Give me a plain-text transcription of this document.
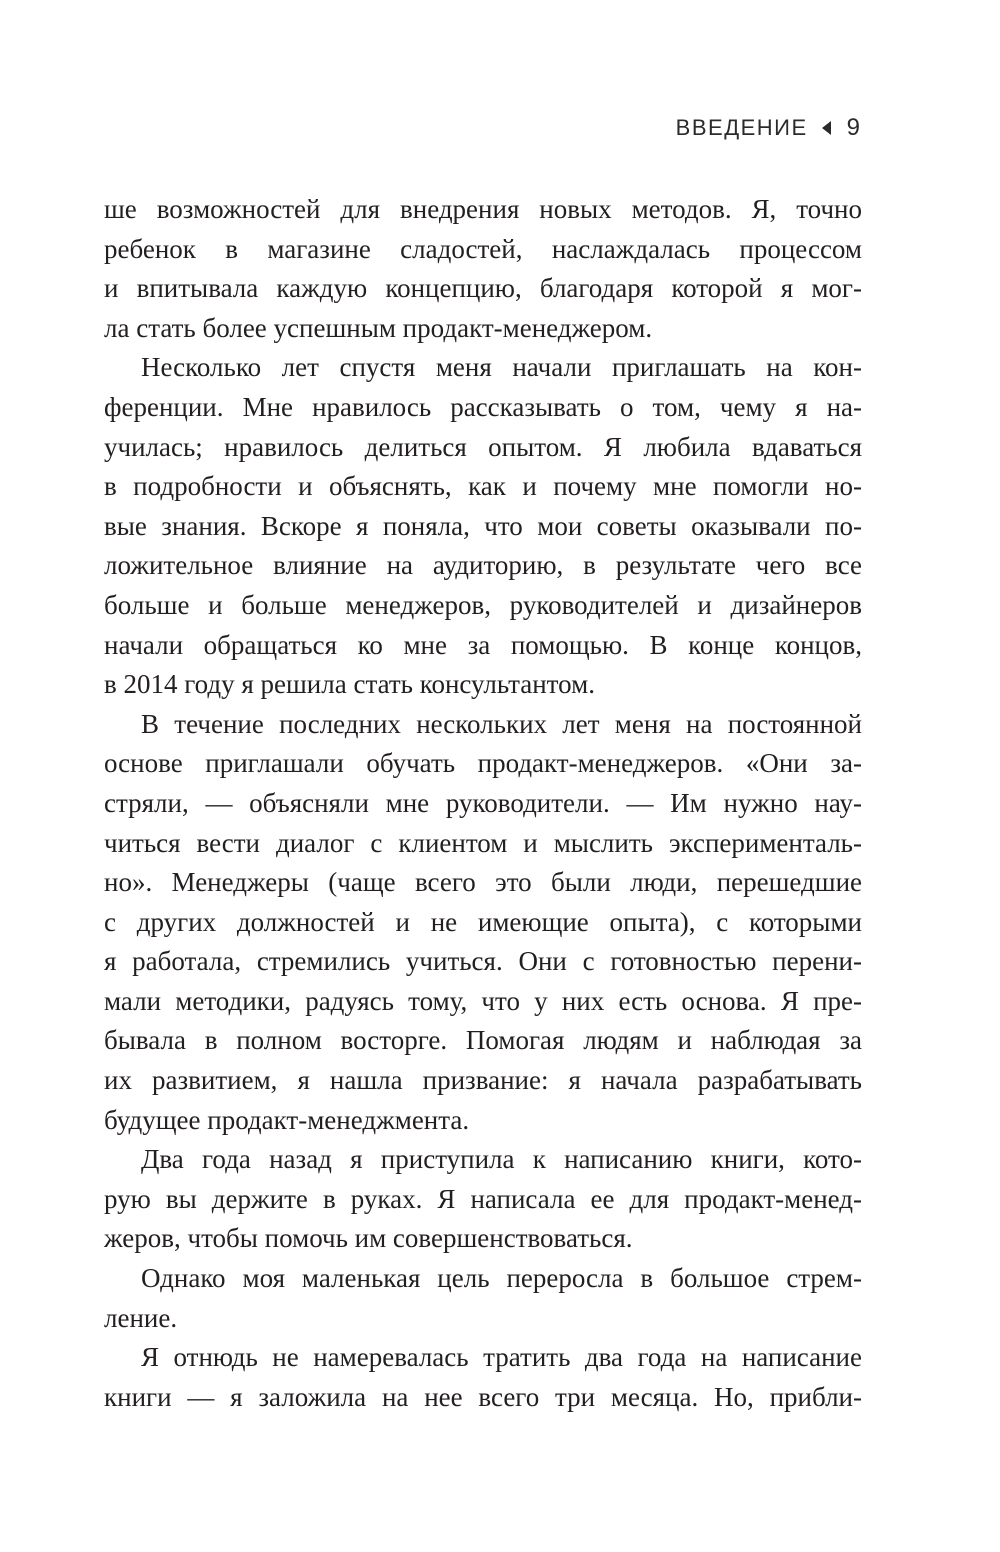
ВВЕДЕНИЕ 9
ше возможностей для внедрения новых методов. Я, точно
ребенок в магазине сладостей, наслаждалась процессом
и впитывала каждую концепцию, благодаря которой я мог-
ла стать более успешным продакт-менеджером.
Несколько лет спустя меня начали приглашать на кон-
ференции. Мне нравилось рассказывать о том, чему я на-
училась; нравилось делиться опытом. Я любила вдаваться
в подробности и объяснять, как и почему мне помогли но-
вые знания. Вскоре я поняла, что мои советы оказывали по-
ложительное влияние на аудиторию, в результате чего все
больше и больше менеджеров, руководителей и дизайнеров
начали обращаться ко мне за помощью. В конце концов,
в 2014 году я решила стать консультантом.
В течение последних нескольких лет меня на постоянной
основе приглашали обучать продакт-менеджеров. «Они за-
стряли, — объясняли мне руководители. — Им нужно нау-
читься вести диалог с клиентом и мыслить эксперименталь-
но». Менеджеры (чаще всего это были люди, перешедшие
с других должностей и не имеющие опыта), с которыми
я работала, стремились учиться. Они с готовностью перени-
мали методики, радуясь тому, что у них есть основа. Я пре-
бывала в полном восторге. Помогая людям и наблюдая за
их развитием, я нашла призвание: я начала разрабатывать
будущее продакт-менеджмента.
Два года назад я приступила к написанию книги, кото-
рую вы держите в руках. Я написала ее для продакт-менед-
жеров, чтобы помочь им совершенствоваться.
Однако моя маленькая цель переросла в большое стрем-
ление.
Я отнюдь не намеревалась тратить два года на написание
книги — я заложила на нее всего три месяца. Но, прибли-
